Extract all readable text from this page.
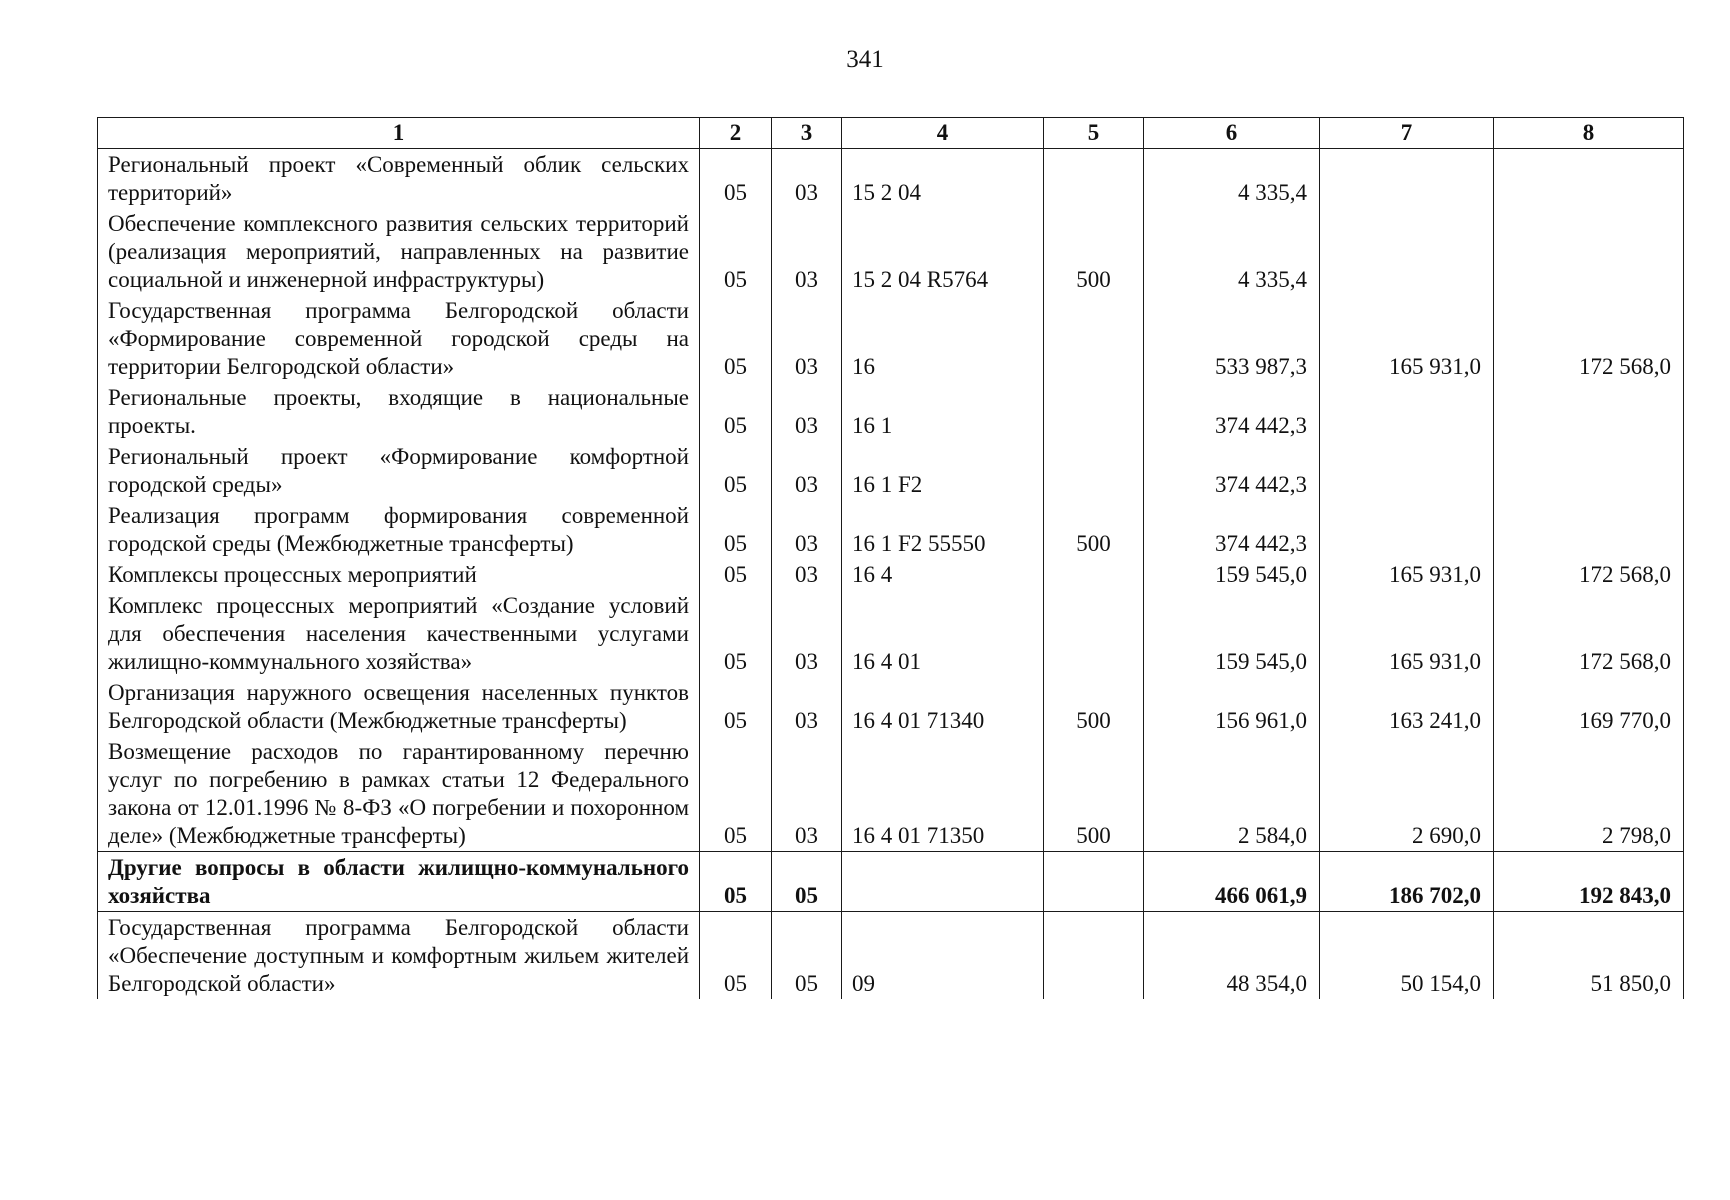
341
1	2	3	4	5	6	7	8
Региональный проект «Современный облик сельских территорий»	05	03	15 2 04		4 335,4		
Обеспечение комплексного развития сельских территорий (реализация мероприятий, направленных на развитие социальной и инженерной инфраструктуры)	05	03	15 2 04 R5764	500	4 335,4		
Государственная программа Белгородской области «Формирование современной городской среды на территории Белгородской области»	05	03	16		533 987,3	165 931,0	172 568,0
Региональные проекты, входящие в национальные проекты.	05	03	16 1		374 442,3		
Региональный проект «Формирование комфортной городской среды»	05	03	16 1 F2		374 442,3		
Реализация программ формирования современной городской среды (Межбюджетные трансферты)	05	03	16 1 F2 55550	500	374 442,3		
Комплексы процессных мероприятий	05	03	16 4		159 545,0	165 931,0	172 568,0
Комплекс процессных мероприятий «Создание условий для обеспечения населения качественными услугами жилищно-коммунального хозяйства»	05	03	16 4 01		159 545,0	165 931,0	172 568,0
Организация наружного освещения населенных пунктов Белгородской области (Межбюджетные трансферты)	05	03	16 4 01 71340	500	156 961,0	163 241,0	169 770,0
Возмещение расходов по гарантированному перечню услуг по погребению в рамках статьи 12 Федерального закона от 12.01.1996 № 8-ФЗ «О погребении и похоронном деле» (Межбюджетные трансферты)	05	03	16 4 01 71350	500	2 584,0	2 690,0	2 798,0
Другие вопросы в области жилищно-коммунального хозяйства	05	05			466 061,9	186 702,0	192 843,0
Государственная программа Белгородской области «Обеспечение доступным и комфортным жильем жителей Белгородской области»	05	05	09		48 354,0	50 154,0	51 850,0
